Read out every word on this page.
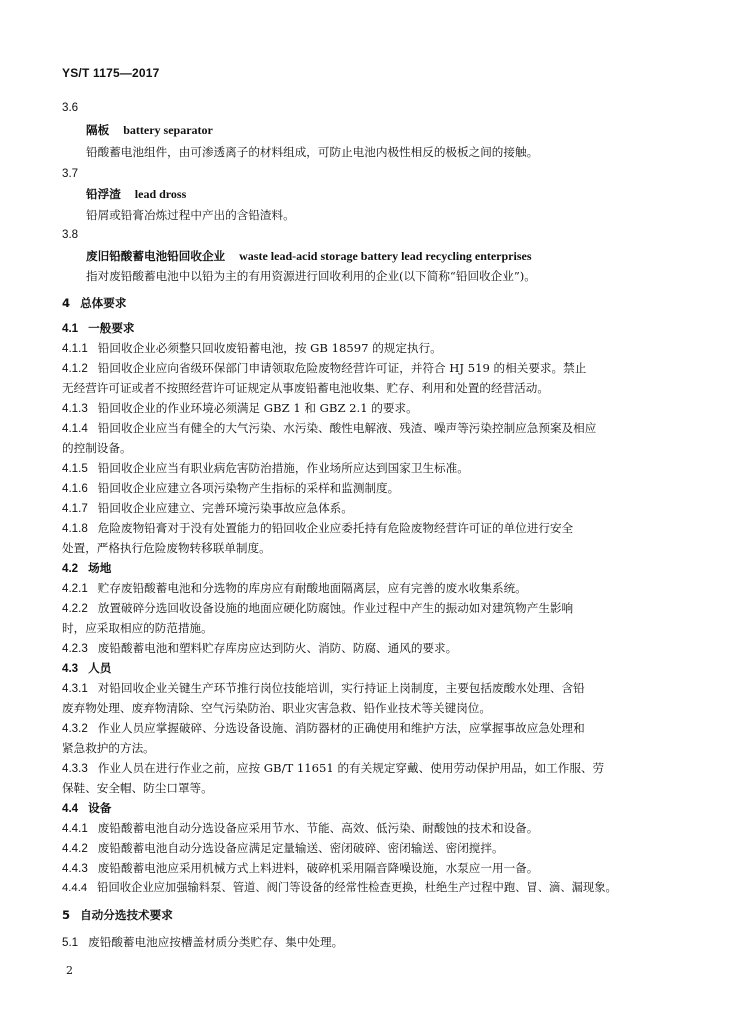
YS/T 1175—2017
3.6
隔板 battery separator
铅酸蓄电池组件，由可渗透离子的材料组成，可防止电池内极性相反的极板之间的接触。
3.7
铅浮渣 lead dross
铅屑或铅膏冶炼过程中产出的含铅渣料。
3.8
废旧铅酸蓄电池铅回收企业 waste lead-acid storage battery lead recycling enterprises
指对废铅酸蓄电池中以铅为主的有用资源进行回收利用的企业(以下简称“铅回收企业”)。
4 总体要求
4.1 一般要求
4.1.1 铅回收企业必须整只回收废铅蓄电池，按 GB 18597 的规定执行。
4.1.2 铅回收企业应向省级环保部门申请领取危险废物经营许可证，并符合 HJ 519 的相关要求。禁止
无经营许可证或者不按照经营许可证规定从事废铅蓄电池收集、贮存、利用和处置的经营活动。
4.1.3 铅回收企业的作业环境必须满足 GBZ 1 和 GBZ 2.1 的要求。
4.1.4 铅回收企业应当有健全的大气污染、水污染、酸性电解液、残渣、噪声等污染控制应急预案及相应
的控制设备。
4.1.5 铅回收企业应当有职业病危害防治措施，作业场所应达到国家卫生标准。
4.1.6 铅回收企业应建立各项污染物产生指标的采样和监测制度。
4.1.7 铅回收企业应建立、完善环境污染事故应急体系。
4.1.8 危险废物铅膏对于没有处置能力的铅回收企业应委托持有危险废物经营许可证的单位进行安全
处置，严格执行危险废物转移联单制度。
4.2 场地
4.2.1 贮存废铅酸蓄电池和分选物的库房应有耐酸地面隔离层，应有完善的废水收集系统。
4.2.2 放置破碎分选回收设备设施的地面应硬化防腐蚀。作业过程中产生的振动如对建筑物产生影响
时，应采取相应的防范措施。
4.2.3 废铅酸蓄电池和塑料贮存库房应达到防火、消防、防腐、通风的要求。
4.3 人员
4.3.1 对铅回收企业关键生产环节推行岗位技能培训，实行持证上岗制度，主要包括废酸水处理、含铅
废弃物处理、废弃物清除、空气污染防治、职业灾害急救、铅作业技术等关键岗位。
4.3.2 作业人员应掌握破碎、分选设备设施、消防器材的正确使用和维护方法，应掌握事故应急处理和
紧急救护的方法。
4.3.3 作业人员在进行作业之前，应按 GB/T 11651 的有关规定穿戴、使用劳动保护用品，如工作服、劳
保鞋、安全帽、防尘口罩等。
4.4 设备
4.4.1 废铅酸蓄电池自动分选设备应采用节水、节能、高效、低污染、耐酸蚀的技术和设备。
4.4.2 废铅酸蓄电池自动分选设备应满足定量输送、密闭破碎、密闭输送、密闭搅拌。
4.4.3 废铅酸蓄电池应采用机械方式上料进料，破碎机采用隔音降噪设施，水泵应一用一备。
4.4.4 铅回收企业应加强输料泵、管道、阀门等设备的经常性检查更换，杜绝生产过程中跑、冒、滴、漏现象。
5 自动分选技术要求
5.1 废铅酸蓄电池应按槽盖材质分类贮存、集中处理。
2
